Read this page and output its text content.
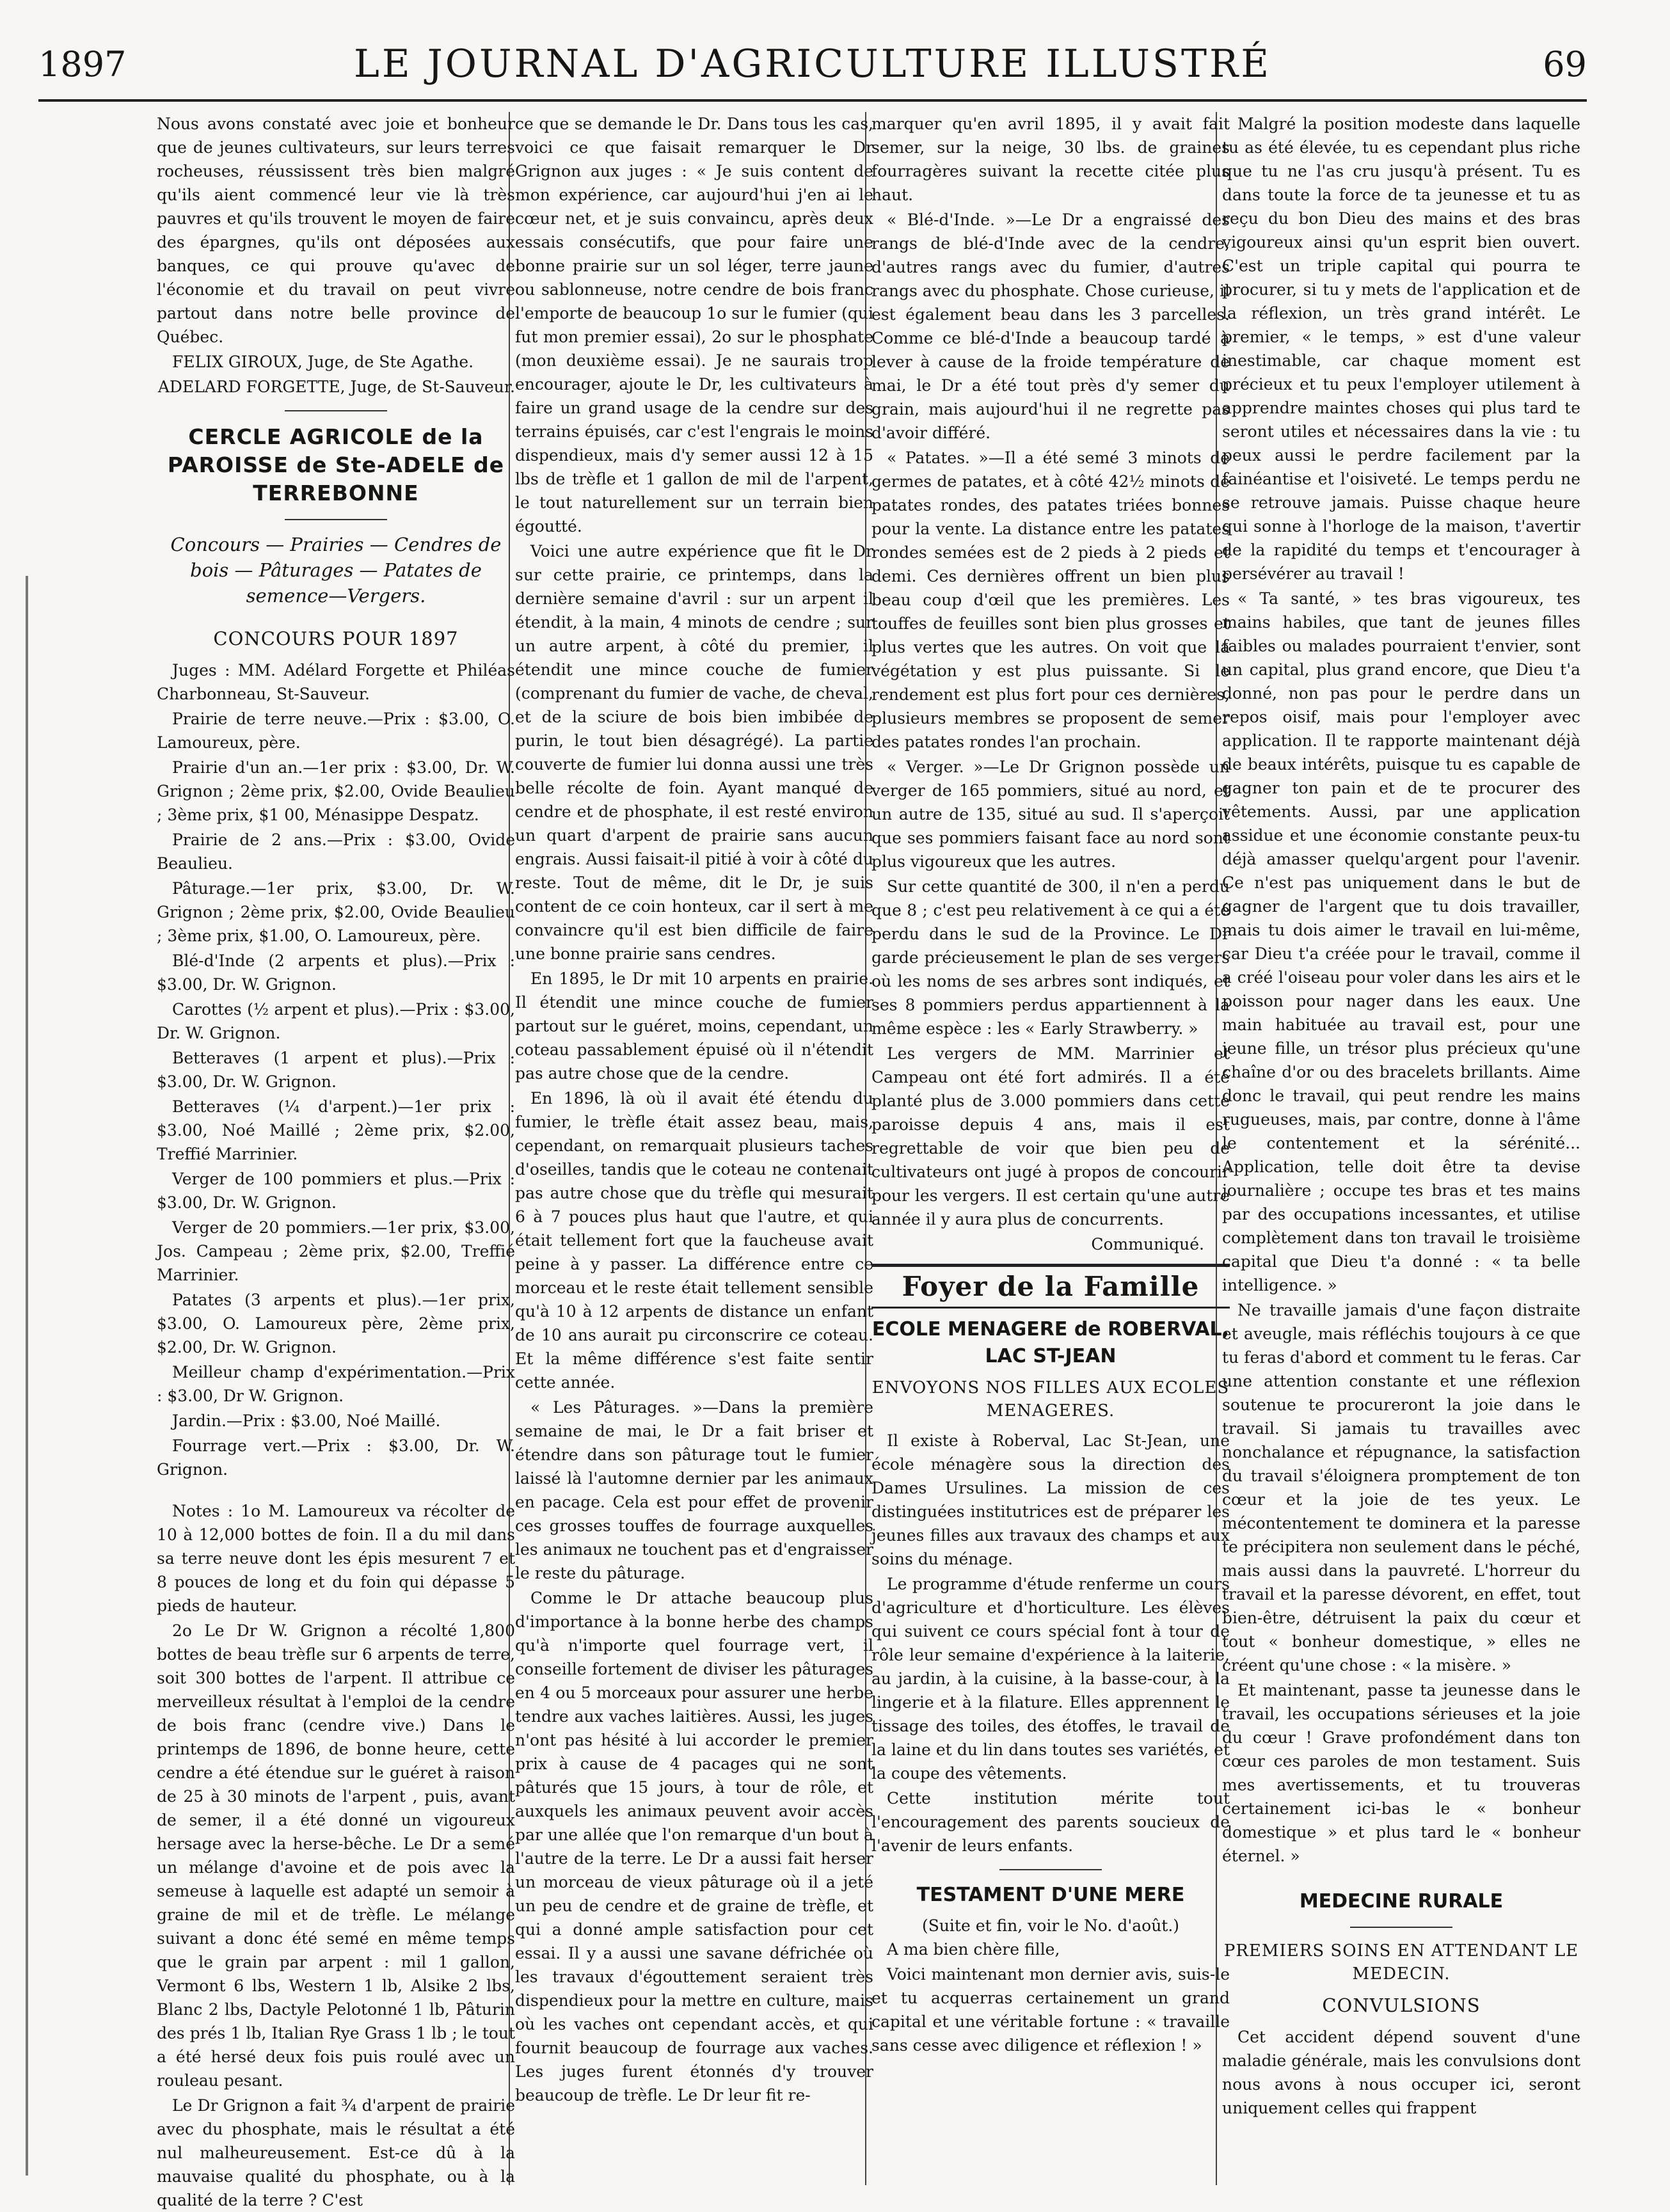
1897	LE JOURNAL D'AGRICULTURE ILLUSTRÉ	69

Nous avons constaté avec joie et bonheur que de jeunes cultivateurs, sur leurs terres rocheuses, réussissent très bien malgré qu'ils aient commencé leur vie là très pauvres et qu'ils trouvent le moyen de faire des épargnes, qu'ils ont déposées aux banques, ce qui prouve qu'avec de l'économie et du travail on peut vivre partout dans notre belle province de Québec.

FELIX GIROUX, Juge, de Ste Agathe.

ADELARD FORGETTE, Juge, de St-Sauveur.

CERCLE AGRICOLE de la PAROISSE de Ste-ADELE de TERREBONNE
Concours — Prairies — Cendres de bois — Pâturages — Patates de semence—Vergers.
CONCOURS POUR 1897

Juges : MM. Adélard Forgette et Philéas Charbonneau, St-Sauveur.

Prairie de terre neuve.—Prix : $3.00, O. Lamoureux, père.

Prairie d'un an.—1er prix : $3.00, Dr. W. Grignon ; 2ème prix, $2.00, Ovide Beaulieu ; 3ème prix, $1 00, Ménasippe Despatz.

Prairie de 2 ans.—Prix : $3.00, Ovide Beaulieu.

Pâturage.—1er prix, $3.00, Dr. W. Grignon ; 2ème prix, $2.00, Ovide Beaulieu ; 3ème prix, $1.00, O. Lamoureux, père.

Blé-d'Inde (2 arpents et plus).—Prix : $3.00, Dr. W. Grignon.

Carottes (½ arpent et plus).—Prix : $3.00, Dr. W. Grignon.

Betteraves (1 arpent et plus).—Prix : $3.00, Dr. W. Grignon.

Betteraves (¼ d'arpent.)—1er prix : $3.00, Noé Maillé ; 2ème prix, $2.00, Treffié Marrinier.

Verger de 100 pommiers et plus.—Prix : $3.00, Dr. W. Grignon.

Verger de 20 pommiers.—1er prix, $3.00, Jos. Campeau ; 2ème prix, $2.00, Treffié Marrinier.

Patates (3 arpents et plus).—1er prix, $3.00, O. Lamoureux père, 2ème prix, $2.00, Dr. W. Grignon.

Meilleur champ d'expérimentation.—Prix : $3.00, Dr W. Grignon.

Jardin.—Prix : $3.00, Noé Maillé.

Fourrage vert.—Prix : $3.00, Dr. W. Grignon.

Notes : 1o M. Lamoureux va récolter de 10 à 12,000 bottes de foin. Il a du mil dans sa terre neuve dont les épis mesurent 7 et 8 pouces de long et du foin qui dépasse 5 pieds de hauteur.

2o Le Dr W. Grignon a récolté 1,800 bottes de beau trèfle sur 6 arpents de terre, soit 300 bottes de l'arpent. Il attribue ce merveilleux résultat à l'emploi de la cendre de bois franc (cendre vive.) Dans le printemps de 1896, de bonne heure, cette cendre a été étendue sur le guéret à raison de 25 à 30 minots de l'arpent , puis, avant de semer, il a été donné un vigoureux hersage avec la herse-bêche. Le Dr a semé un mélange d'avoine et de pois avec la semeuse à laquelle est adapté un semoir à graine de mil et de trèfle. Le mélange suivant a donc été semé en même temps que le grain par arpent : mil 1 gallon, Vermont 6 lbs, Western 1 lb, Alsike 2 lbs, Blanc 2 lbs, Dactyle Pelotonné 1 lb, Pâturin des prés 1 lb, Italian Rye Grass 1 lb ; le tout a été hersé deux fois puis roulé avec un rouleau pesant.

Le Dr Grignon a fait ¾ d'arpent de prairie avec du phosphate, mais le résultat a été nul malheureusement. Est-ce dû à la mauvaise qualité du phosphate, ou à la qualité de la terre ? C'est

ce que se demande le Dr. Dans tous les cas, voici ce que faisait remarquer le Dr Grignon aux juges : « Je suis content de mon expérience, car aujourd'hui j'en ai le cœur net, et je suis convaincu, après deux essais consécutifs, que pour faire une bonne prairie sur un sol léger, terre jaune ou sablonneuse, notre cendre de bois franc l'emporte de beaucoup 1o sur le fumier (qui fut mon premier essai), 2o sur le phosphate (mon deuxième essai). Je ne saurais trop encourager, ajoute le Dr, les cultivateurs à faire un grand usage de la cendre sur des terrains épuisés, car c'est l'engrais le moins dispendieux, mais d'y semer aussi 12 à 15 lbs de trèfle et 1 gallon de mil de l'arpent, le tout naturellement sur un terrain bien égoutté.

Voici une autre expérience que fit le Dr sur cette prairie, ce printemps, dans la dernière semaine d'avril : sur un arpent il étendit, à la main, 4 minots de cendre ; sur un autre arpent, à côté du premier, il étendit une mince couche de fumier (comprenant du fumier de vache, de cheval, et de la sciure de bois bien imbibée de purin, le tout bien désagrégé). La partie couverte de fumier lui donna aussi une très belle récolte de foin. Ayant manqué de cendre et de phosphate, il est resté environ un quart d'arpent de prairie sans aucun engrais. Aussi faisait-il pitié à voir à côté du reste. Tout de même, dit le Dr, je suis content de ce coin honteux, car il sert à me convaincre qu'il est bien difficile de faire une bonne prairie sans cendres.

En 1895, le Dr mit 10 arpents en prairie. Il étendit une mince couche de fumier partout sur le guéret, moins, cependant, un coteau passablement épuisé où il n'étendit pas autre chose que de la cendre.

En 1896, là où il avait été étendu du fumier, le trèfle était assez beau, mais, cependant, on remarquait plusieurs taches d'oseilles, tandis que le coteau ne contenait pas autre chose que du trèfle qui mesurait 6 à 7 pouces plus haut que l'autre, et qui était tellement fort que la faucheuse avait peine à y passer. La différence entre ce morceau et le reste était tellement sensible qu'à 10 à 12 arpents de distance un enfant de 10 ans aurait pu circonscrire ce coteau. Et la même différence s'est faite sentir cette année.

« Les Pâturages. »—Dans la première semaine de mai, le Dr a fait briser et étendre dans son pâturage tout le fumier laissé là l'automne dernier par les animaux en pacage. Cela est pour effet de provenir ces grosses touffes de fourrage auxquelles les animaux ne touchent pas et d'engraisser le reste du pâturage.

Comme le Dr attache beaucoup plus d'importance à la bonne herbe des champs qu'à n'importe quel fourrage vert, il conseille fortement de diviser les pâturages en 4 ou 5 morceaux pour assurer une herbe tendre aux vaches laitières. Aussi, les juges n'ont pas hésité à lui accorder le premier prix à cause de 4 pacages qui ne sont pâturés que 15 jours, à tour de rôle, et auxquels les animaux peuvent avoir accès par une allée que l'on remarque d'un bout à l'autre de la terre. Le Dr a aussi fait herser un morceau de vieux pâturage où il a jeté un peu de cendre et de graine de trèfle, et qui a donné ample satisfaction pour cet essai. Il y a aussi une savane défrichée où les travaux d'égouttement seraient très dispendieux pour la mettre en culture, mais où les vaches ont cependant accès, et qui fournit beaucoup de fourrage aux vaches. Les juges furent étonnés d'y trouver beaucoup de trèfle. Le Dr leur fit re-

marquer qu'en avril 1895, il y avait fait semer, sur la neige, 30 lbs. de graines fourragères suivant la recette citée plus haut.

« Blé-d'Inde. »—Le Dr a engraissé des rangs de blé-d'Inde avec de la cendre, d'autres rangs avec du fumier, d'autres rangs avec du phosphate. Chose curieuse, il est également beau dans les 3 parcelles. Comme ce blé-d'Inde a beaucoup tardé à lever à cause de la froide température de mai, le Dr a été tout près d'y semer du grain, mais aujourd'hui il ne regrette pas d'avoir différé.

« Patates. »—Il a été semé 3 minots de germes de patates, et à côté 42½ minots de patates rondes, des patates triées bonnes pour la vente. La distance entre les patates rondes semées est de 2 pieds à 2 pieds et demi. Ces dernières offrent un bien plus beau coup d'œil que les premières. Les touffes de feuilles sont bien plus grosses et plus vertes que les autres. On voit que la végétation y est plus puissante. Si le rendement est plus fort pour ces dernières, plusieurs membres se proposent de semer des patates rondes l'an prochain.

« Verger. »—Le Dr Grignon possède un verger de 165 pommiers, situé au nord, et un autre de 135, situé au sud. Il s'aperçoit que ses pommiers faisant face au nord sont plus vigoureux que les autres.

Sur cette quantité de 300, il n'en a perdu que 8 ; c'est peu relativement à ce qui a été perdu dans le sud de la Province. Le Dr garde précieusement le plan de ses vergers où les noms de ses arbres sont indiqués, et ses 8 pommiers perdus appartiennent à la même espèce : les « Early Strawberry. »

Les vergers de MM. Marrinier et Campeau ont été fort admirés. Il a été planté plus de 3.000 pommiers dans cette paroisse depuis 4 ans, mais il est regrettable de voir que bien peu de cultivateurs ont jugé à propos de concourir pour les vergers. Il est certain qu'une autre année il y aura plus de concurrents.

Communiqué.

Foyer de la Famille
ECOLE MENAGERE de ROBERVAL, LAC ST-JEAN
ENVOYONS NOS FILLES AUX ECOLES MENAGERES.

Il existe à Roberval, Lac St-Jean, une école ménagère sous la direction des Dames Ursulines. La mission de ces distinguées institutrices est de préparer les jeunes filles aux travaux des champs et aux soins du ménage.

Le programme d'étude renferme un cours d'agriculture et d'horticulture. Les élèves qui suivent ce cours spécial font à tour de rôle leur semaine d'expérience à la laiterie, au jardin, à la cuisine, à la basse-cour, à la lingerie et à la filature. Elles apprennent le tissage des toiles, des étoffes, le travail de la laine et du lin dans toutes ses variétés, et la coupe des vêtements.

Cette institution mérite tout l'encouragement des parents soucieux de l'avenir de leurs enfants.

TESTAMENT D'UNE MERE
(Suite et fin, voir le No. d'août.)

A ma bien chère fille,

Voici maintenant mon dernier avis, suis-le et tu acquerras certainement un grand capital et une véritable fortune : « travaille sans cesse avec diligence et réflexion ! »

Malgré la position modeste dans laquelle tu as été élevée, tu es cependant plus riche que tu ne l'as cru jusqu'à présent. Tu es dans toute la force de ta jeunesse et tu as reçu du bon Dieu des mains et des bras vigoureux ainsi qu'un esprit bien ouvert. C'est un triple capital qui pourra te procurer, si tu y mets de l'application et de la réflexion, un très grand intérêt. Le premier, « le temps, » est d'une valeur inestimable, car chaque moment est précieux et tu peux l'employer utilement à apprendre maintes choses qui plus tard te seront utiles et nécessaires dans la vie : tu peux aussi le perdre facilement par la fainéantise et l'oisiveté. Le temps perdu ne se retrouve jamais. Puisse chaque heure qui sonne à l'horloge de la maison, t'avertir de la rapidité du temps et t'encourager à persévérer au travail !

« Ta santé, » tes bras vigoureux, tes mains habiles, que tant de jeunes filles faibles ou malades pourraient t'envier, sont un capital, plus grand encore, que Dieu t'a donné, non pas pour le perdre dans un repos oisif, mais pour l'employer avec application. Il te rapporte maintenant déjà de beaux intérêts, puisque tu es capable de gagner ton pain et de te procurer des vêtements. Aussi, par une application assidue et une économie constante peux-tu déjà amasser quelqu'argent pour l'avenir. Ce n'est pas uniquement dans le but de gagner de l'argent que tu dois travailler, mais tu dois aimer le travail en lui-même, car Dieu t'a créée pour le travail, comme il a créé l'oiseau pour voler dans les airs et le poisson pour nager dans les eaux. Une main habituée au travail est, pour une jeune fille, un trésor plus précieux qu'une chaîne d'or ou des bracelets brillants. Aime donc le travail, qui peut rendre les mains rugueuses, mais, par contre, donne à l'âme le contentement et la sérénité... Application, telle doit être ta devise journalière ; occupe tes bras et tes mains par des occupations incessantes, et utilise complètement dans ton travail le troisième capital que Dieu t'a donné : « ta belle intelligence. »

Ne travaille jamais d'une façon distraite et aveugle, mais réfléchis toujours à ce que tu feras d'abord et comment tu le feras. Car une attention constante et une réflexion soutenue te procureront la joie dans le travail. Si jamais tu travailles avec nonchalance et répugnance, la satisfaction du travail s'éloignera promptement de ton cœur et la joie de tes yeux. Le mécontentement te dominera et la paresse te précipitera non seulement dans le péché, mais aussi dans la pauvreté. L'horreur du travail et la paresse dévorent, en effet, tout bien-être, détruisent la paix du cœur et tout « bonheur domestique, » elles ne créent qu'une chose : « la misère. »

Et maintenant, passe ta jeunesse dans le travail, les occupations sérieuses et la joie du cœur ! Grave profondément dans ton cœur ces paroles de mon testament. Suis mes avertissements, et tu trouveras certainement ici-bas le « bonheur domestique » et plus tard le « bonheur éternel. »

MEDECINE RURALE
PREMIERS SOINS EN ATTENDANT LE MEDECIN.
CONVULSIONS

Cet accident dépend souvent d'une maladie générale, mais les convulsions dont nous avons à nous occuper ici, seront uniquement celles qui frappent
